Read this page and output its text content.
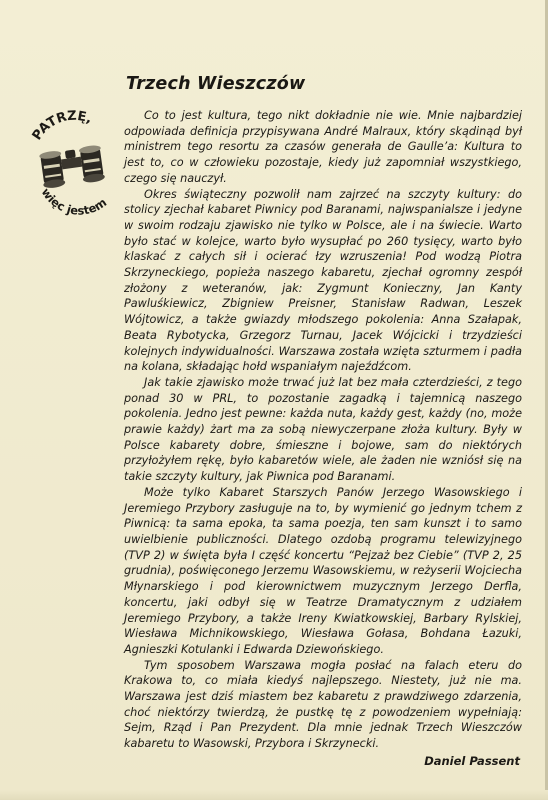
PATRZĘ,
więc jestem
Trzech Wieszczów

Co to jest kultura, tego nikt dokładnie nie wie. Mnie najbardziej odpowiada definicja przypisywana André Malraux, który skądinąd był ministrem tego resortu za czasów generała de Gaulle’a: Kultura to jest to, co w człowieku pozostaje, kiedy już zapomniał wszystkiego, czego się nauczył.

Okres świąteczny pozwolił nam zajrzeć na szczyty kultury: do stolicy zjechał kabaret Piwnicy pod Baranami, najwspanialsze i jedyne w swoim rodzaju zjawisko nie tylko w Polsce, ale i na świecie. Warto było stać w kolejce, warto było wysupłać po 260 tysięcy, warto było klaskać z całych sił i ocierać łzy wzruszenia! Pod wodzą Piotra Skrzyneckiego, popieża naszego kabaretu, zjechał ogromny zespół złożony z weteranów, jak: Zygmunt Konieczny, Jan Kanty Pawluśkiewicz, Zbigniew Preisner, Stanisław Radwan, Leszek Wójtowicz, a także gwiazdy młodszego pokolenia: Anna Szałapak, Beata Rybotycka, Grzegorz Turnau, Jacek Wójcicki i trzydzieści kolejnych indywidualności. Warszawa została wzięta szturmem i padła na kolana, składając hołd wspaniałym najeźdźcom.

Jak takie zjawisko może trwać już lat bez mała czterdzieści, z tego ponad 30 w PRL, to pozostanie zagadką i tajemnicą naszego pokolenia. Jedno jest pewne: każda nuta, każdy gest, każdy (no, może prawie każdy) żart ma za sobą niewyczerpane złoża kultury. Były w Polsce kabarety dobre, śmieszne i bojowe, sam do niektórych przyłożyłem rękę, było kabaretów wiele, ale żaden nie wzniósł się na takie szczyty kultury, jak Piwnica pod Baranami.

Może tylko Kabaret Starszych Panów Jerzego Wasowskiego i Jeremiego Przybory zasługuje na to, by wymienić go jednym tchem z Piwnicą: ta sama epoka, ta sama poezja, ten sam kunszt i to samo uwielbienie publiczności. Dlatego ozdobą programu telewizyjnego (TVP 2) w święta była I część koncertu “Pejzaż bez Ciebie” (TVP 2, 25 grudnia), poświęconego Jerzemu Wasowskiemu, w reżyserii Wojciecha Młynarskiego i pod kierownictwem muzycznym Jerzego Derfla, koncertu, jaki odbył się w Teatrze Dramatycznym z udziałem Jeremiego Przybory, a także Ireny Kwiatkowskiej, Barbary Rylskiej, Wiesława Michnikowskiego, Wiesława Gołasa, Bohdana Łazuki, Agnieszki Kotulanki i Edwarda Dziewońskiego.

Tym sposobem Warszawa mogła posłać na falach eteru do Krakowa to, co miała kiedyś najlepszego. Niestety, już nie ma. Warszawa jest dziś miastem bez kabaretu z prawdziwego zdarzenia, choć niektórzy twierdzą, że pustkę tę z powodzeniem wypełniają: Sejm, Rząd i Pan Prezydent. Dla mnie jednak Trzech Wieszczów kabaretu to Wasowski, Przybora i Skrzynecki.

Daniel Passent
